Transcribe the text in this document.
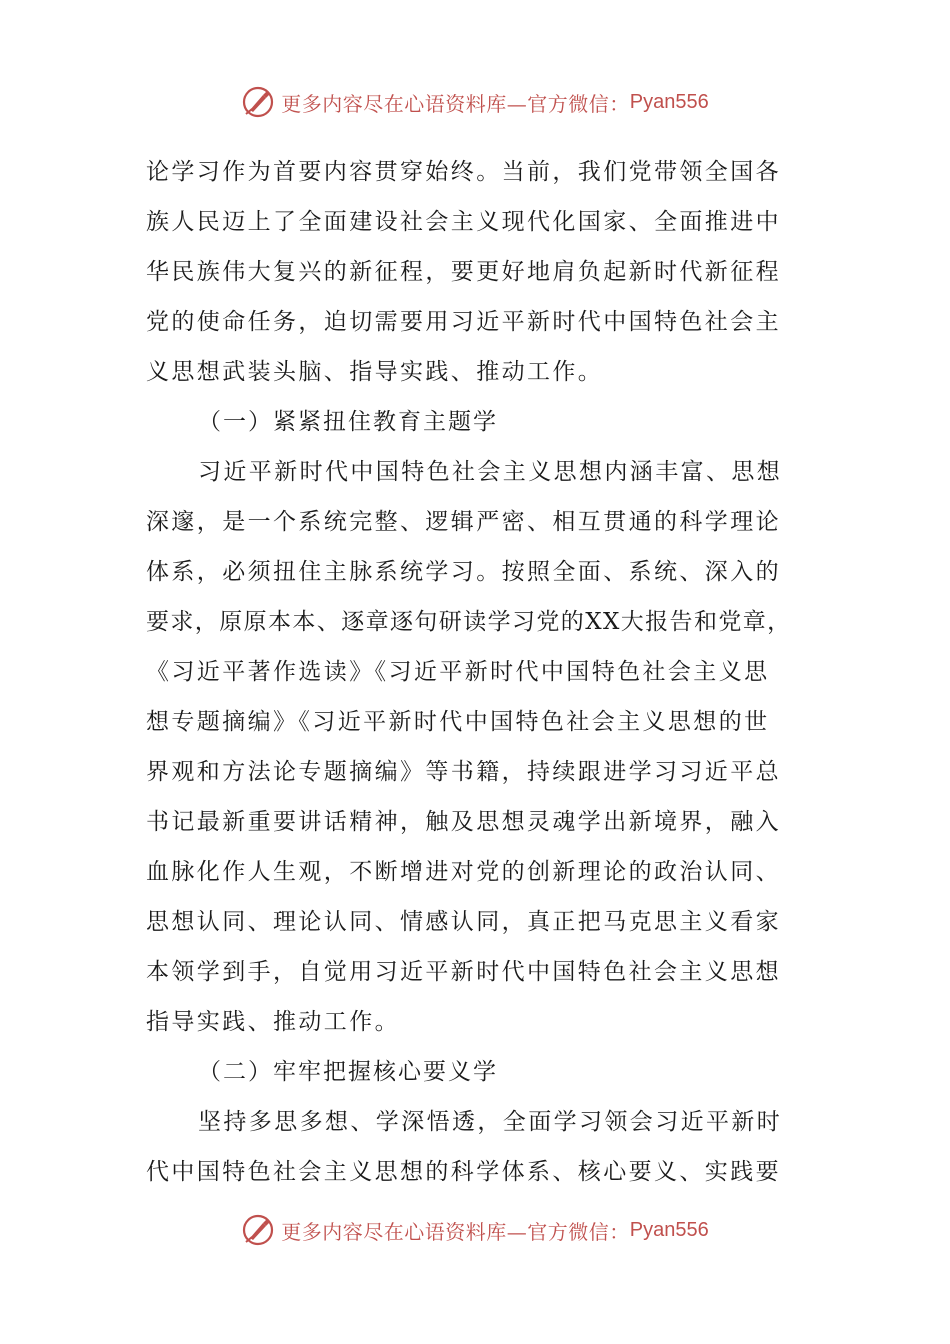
更多内容尽在心语资料库—官方微信： Pyan556
论学习作为首要内容贯穿始终。当前，我们党带领全国各
族人民迈上了全面建设社会主义现代化国家、全面推进中
华民族伟大复兴的新征程，要更好地肩负起新时代新征程
党的使命任务，迫切需要用习近平新时代中国特色社会主
义思想武装头脑、指导实践、推动工作。
（一）紧紧扭住教育主题学
习近平新时代中国特色社会主义思想内涵丰富、思想
深邃，是一个系统完整、逻辑严密、相互贯通的科学理论
体系，必须扭住主脉系统学习。按照全面、系统、深入的
要求，原原本本、逐章逐句研读学习党的XX大报告和党章，
《习近平著作选读》《习近平新时代中国特色社会主义思
想专题摘编》《习近平新时代中国特色社会主义思想的世
界观和方法论专题摘编》等书籍，持续跟进学习习近平总
书记最新重要讲话精神，触及思想灵魂学出新境界，融入
血脉化作人生观，不断增进对党的创新理论的政治认同、
思想认同、理论认同、情感认同，真正把马克思主义看家
本领学到手，自觉用习近平新时代中国特色社会主义思想
指导实践、推动工作。
（二）牢牢把握核心要义学
坚持多思多想、学深悟透，全面学习领会习近平新时
代中国特色社会主义思想的科学体系、核心要义、实践要
更多内容尽在心语资料库—官方微信： Pyan556
